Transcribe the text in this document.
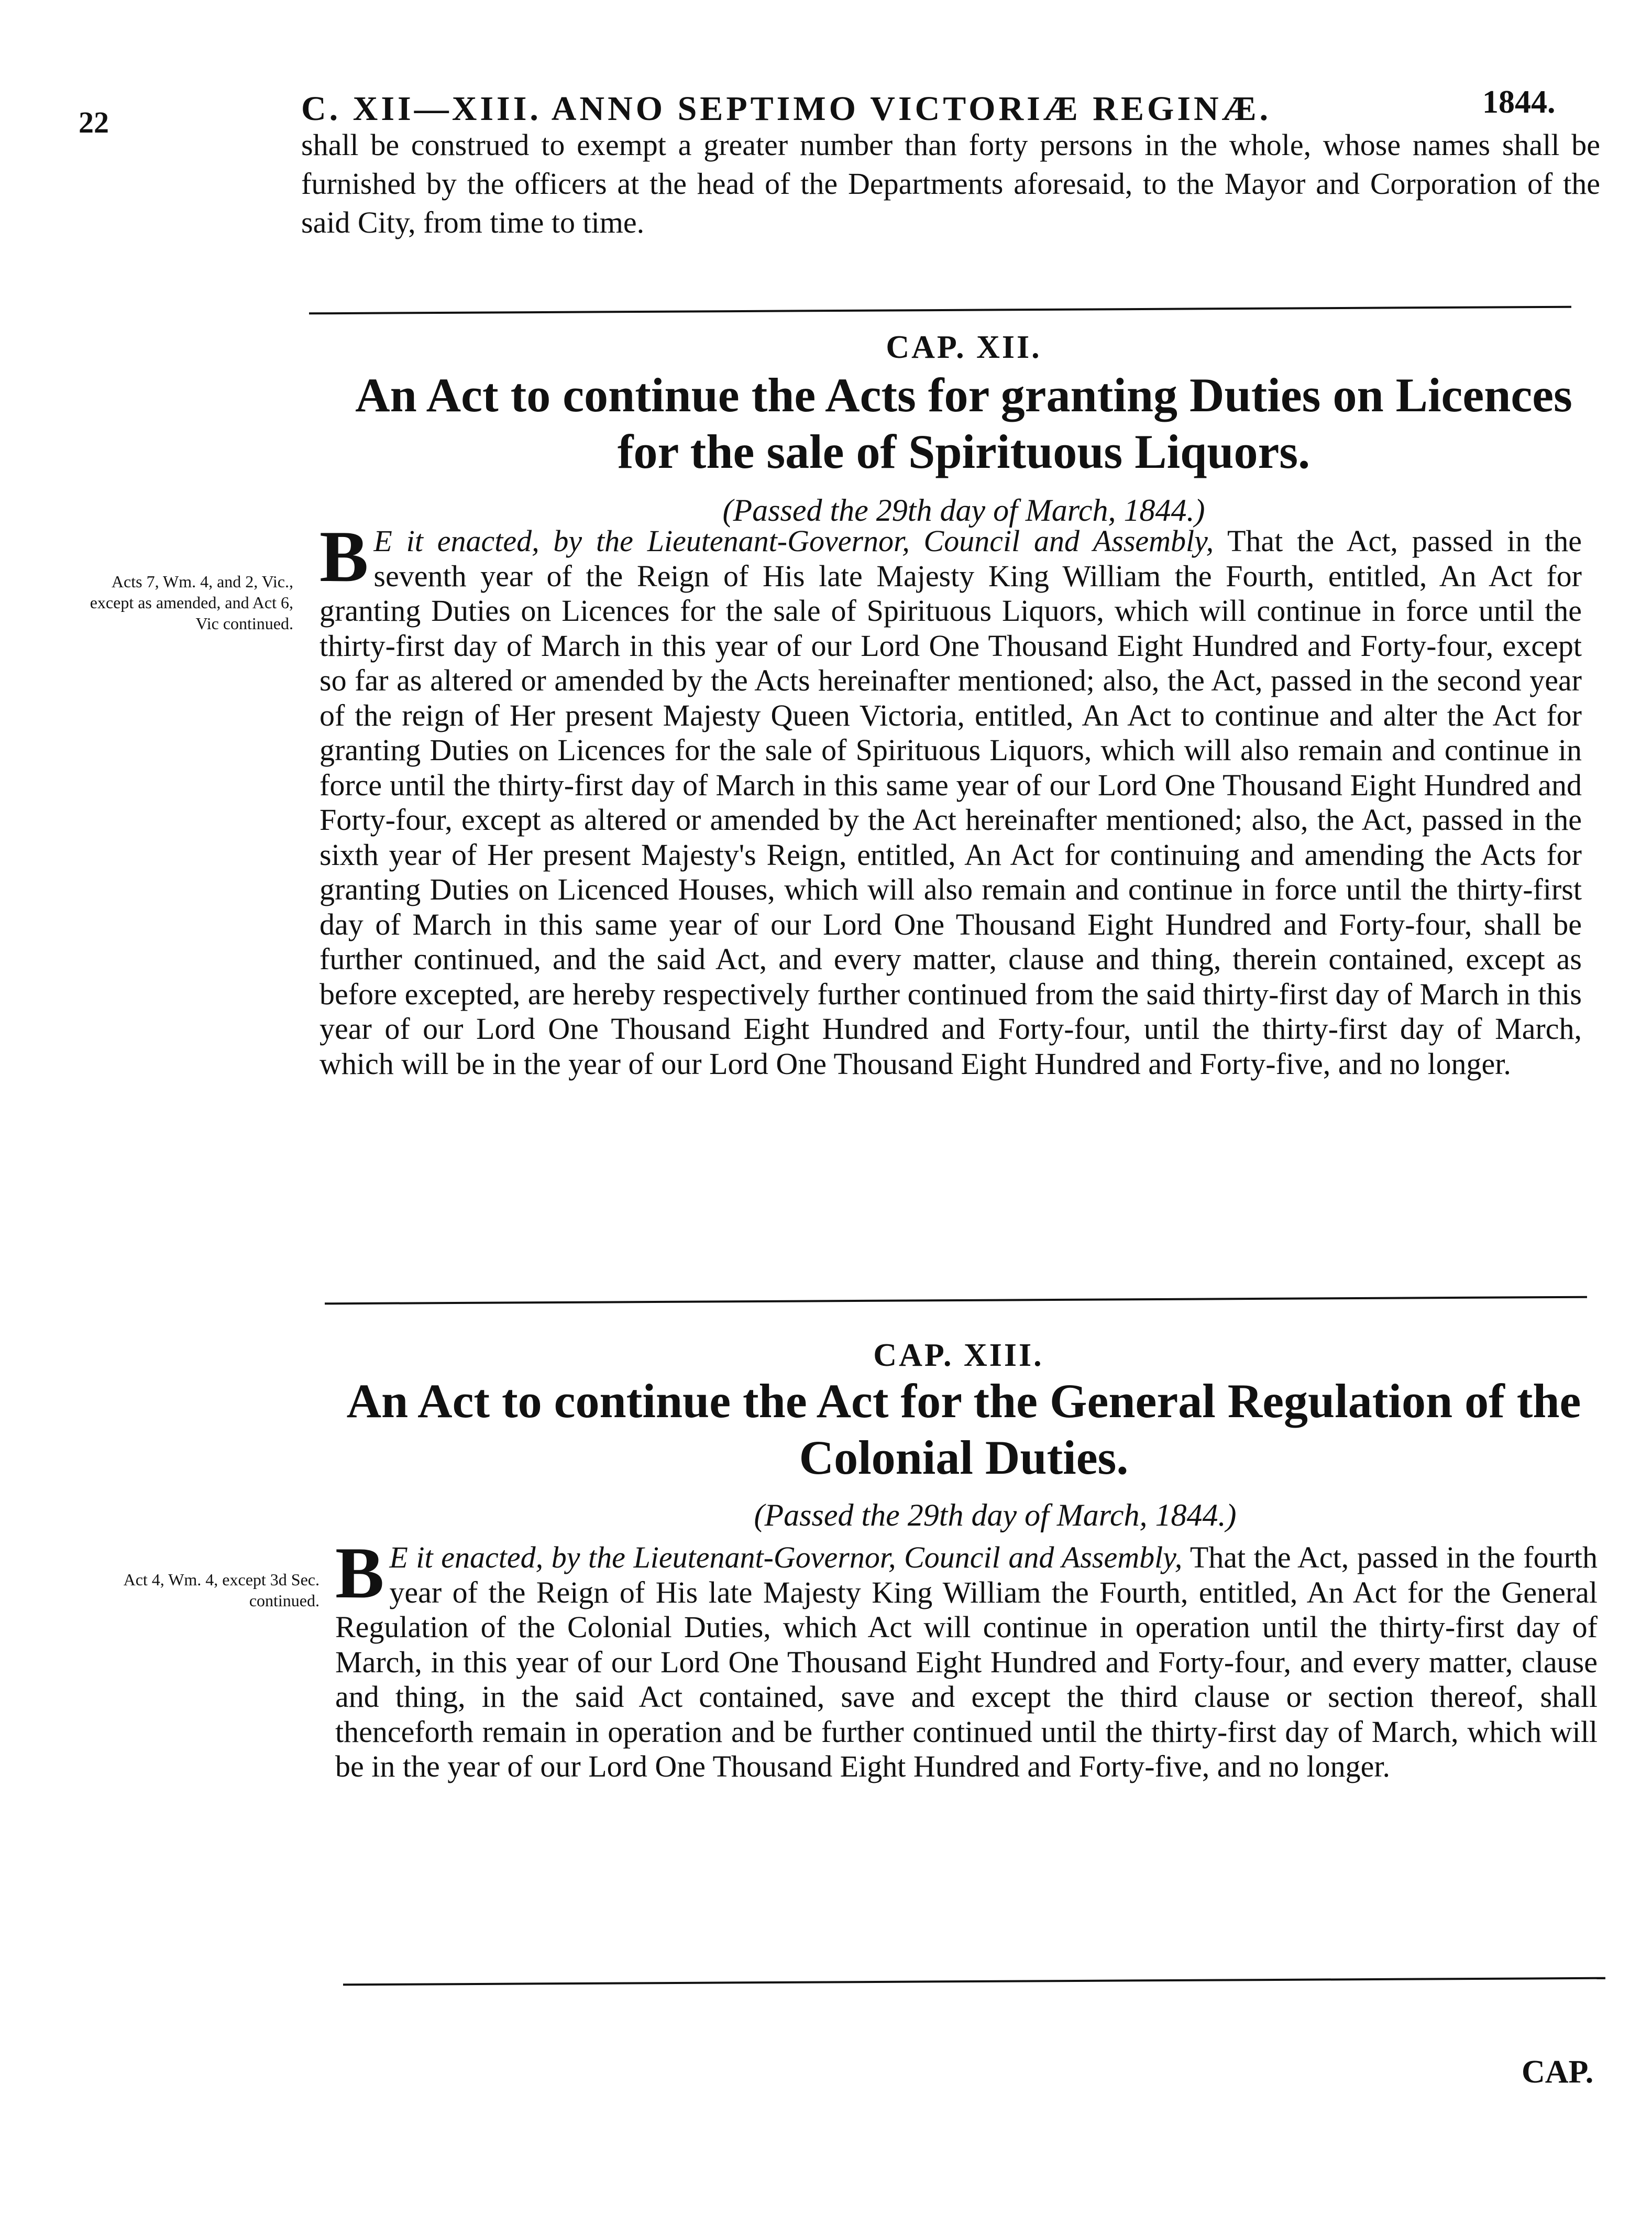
22	C. XII—XIII. ANNO SEPTIMO VICTORIÆ REGINÆ.	1844.
shall be construed to exempt a greater number than forty persons in the whole, whose names shall be furnished by the officers at the head of the Departments aforesaid, to the Mayor and Corporation of the said City, from time to time.
CAP. XII.
An Act to continue the Acts for granting Duties on Licences for the sale of Spirituous Liquors.
(Passed the 29th day of March, 1844.)
Acts 7, Wm. 4, and 2, Vic., except as amended, and Act 6, Vic continued.
B E it enacted, by the Lieutenant-Governor, Council and Assembly, That the Act, passed in the seventh year of the Reign of His late Majesty King William the Fourth, entitled, An Act for granting Duties on Licences for the sale of Spirituous Liquors, which will continue in force until the thirty-first day of March in this year of our Lord One Thousand Eight Hundred and Forty-four, except so far as altered or amended by the Acts hereinafter mentioned; also, the Act, passed in the second year of the reign of Her present Majesty Queen Victoria, entitled, An Act to continue and alter the Act for granting Duties on Licences for the sale of Spirituous Liquors, which will also remain and continue in force until the thirty-first day of March in this same year of our Lord One Thousand Eight Hundred and Forty-four, except as altered or amended by the Act hereinafter mentioned; also, the Act, passed in the sixth year of Her present Majesty's Reign, entitled, An Act for continuing and amending the Acts for granting Duties on Licenced Houses, which will also remain and continue in force until the thirty-first day of March in this same year of our Lord One Thousand Eight Hundred and Forty-four, shall be further continued, and the said Act, and every matter, clause and thing, therein contained, except as before excepted, are hereby respectively further continued from the said thirty-first day of March in this year of our Lord One Thousand Eight Hundred and Forty-four, until the thirty-first day of March, which will be in the year of our Lord One Thousand Eight Hundred and Forty-five, and no longer.
CAP. XIII.
An Act to continue the Act for the General Regulation of the Colonial Duties.
(Passed the 29th day of March, 1844.)
Act 4, Wm. 4, except 3d Sec. continued. B E it enacted, by the Lieutenant-Governor, Council and Assembly, That the Act, passed in the fourth year of the Reign of His late Majesty King William the Fourth, entitled, An Act for the General Regulation of the Colonial Duties, which Act will continue in operation until the thirty-first day of March, in this year of our Lord One Thousand Eight Hundred and Forty-four, and every matter, clause and thing, in the said Act contained, save and except the third clause or section thereof, shall thenceforth remain in operation and be further continued until the thirty-first day of March, which will be in the year of our Lord One Thousand Eight Hundred and Forty-five, and no longer.
CAP.
